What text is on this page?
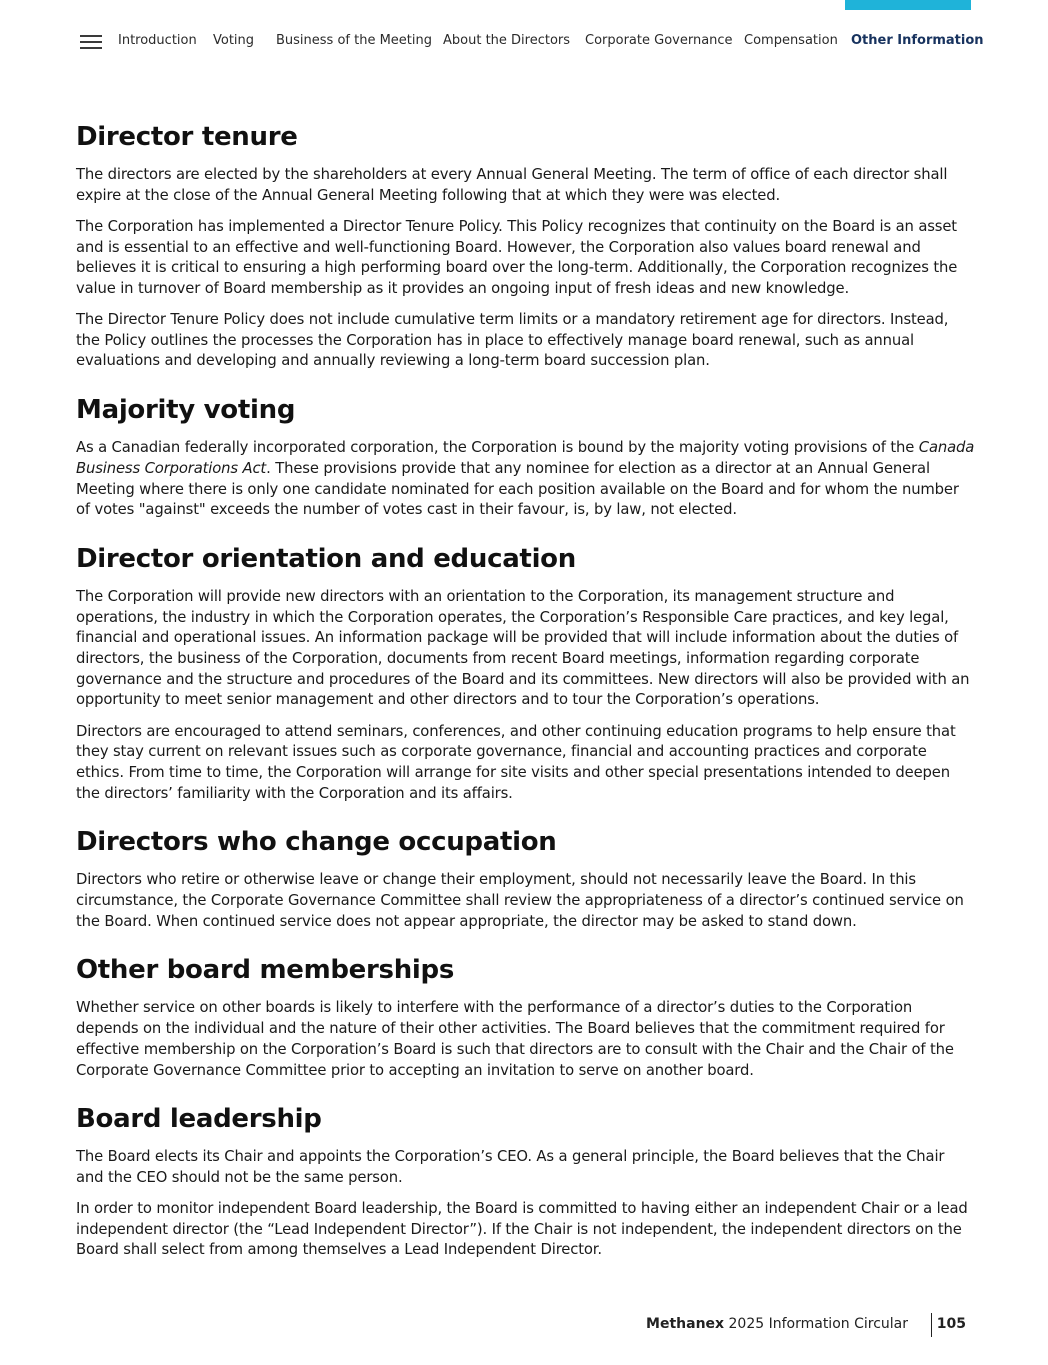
Introduction Voting Business of the Meeting About the Directors Corporate Governance Compensation Other Information
Director tenure

The directors are elected by the shareholders at every Annual General Meeting. The term of office of each director shall expire at the close of the Annual General Meeting following that at which they were was elected.

The Corporation has implemented a Director Tenure Policy. This Policy recognizes that continuity on the Board is an asset and is essential to an effective and well-functioning Board. However, the Corporation also values board renewal and believes it is critical to ensuring a high performing board over the long-term. Additionally, the Corporation recognizes the value in turnover of Board membership as it provides an ongoing input of fresh ideas and new knowledge.

The Director Tenure Policy does not include cumulative term limits or a mandatory retirement age for directors. Instead, the Policy outlines the processes the Corporation has in place to effectively manage board renewal, such as annual evaluations and developing and annually reviewing a long-term board succession plan.

Majority voting

As a Canadian federally incorporated corporation, the Corporation is bound by the majority voting provisions of the Canada Business Corporations Act. These provisions provide that any nominee for election as a director at an Annual General Meeting where there is only one candidate nominated for each position available on the Board and for whom the number of votes "against" exceeds the number of votes cast in their favour, is, by law, not elected.

Director orientation and education

The Corporation will provide new directors with an orientation to the Corporation, its management structure and operations, the industry in which the Corporation operates, the Corporation’s Responsible Care practices, and key legal, financial and operational issues. An information package will be provided that will include information about the duties of directors, the business of the Corporation, documents from recent Board meetings, information regarding corporate governance and the structure and procedures of the Board and its committees. New directors will also be provided with an opportunity to meet senior management and other directors and to tour the Corporation’s operations.

Directors are encouraged to attend seminars, conferences, and other continuing education programs to help ensure that they stay current on relevant issues such as corporate governance, financial and accounting practices and corporate ethics. From time to time, the Corporation will arrange for site visits and other special presentations intended to deepen the directors’ familiarity with the Corporation and its affairs.

Directors who change occupation

Directors who retire or otherwise leave or change their employment, should not necessarily leave the Board. In this circumstance, the Corporate Governance Committee shall review the appropriateness of a director’s continued service on the Board. When continued service does not appear appropriate, the director may be asked to stand down.

Other board memberships

Whether service on other boards is likely to interfere with the performance of a director’s duties to the Corporation depends on the individual and the nature of their other activities. The Board believes that the commitment required for effective membership on the Corporation’s Board is such that directors are to consult with the Chair and the Chair of the Corporate Governance Committee prior to accepting an invitation to serve on another board.

Board leadership

The Board elects its Chair and appoints the Corporation’s CEO. As a general principle, the Board believes that the Chair and the CEO should not be the same person.

In order to monitor independent Board leadership, the Board is committed to having either an independent Chair or a lead independent director (the “Lead Independent Director”). If the Chair is not independent, the independent directors on the Board shall select from among themselves a Lead Independent Director.

Methanex 2025 Information Circular 105
